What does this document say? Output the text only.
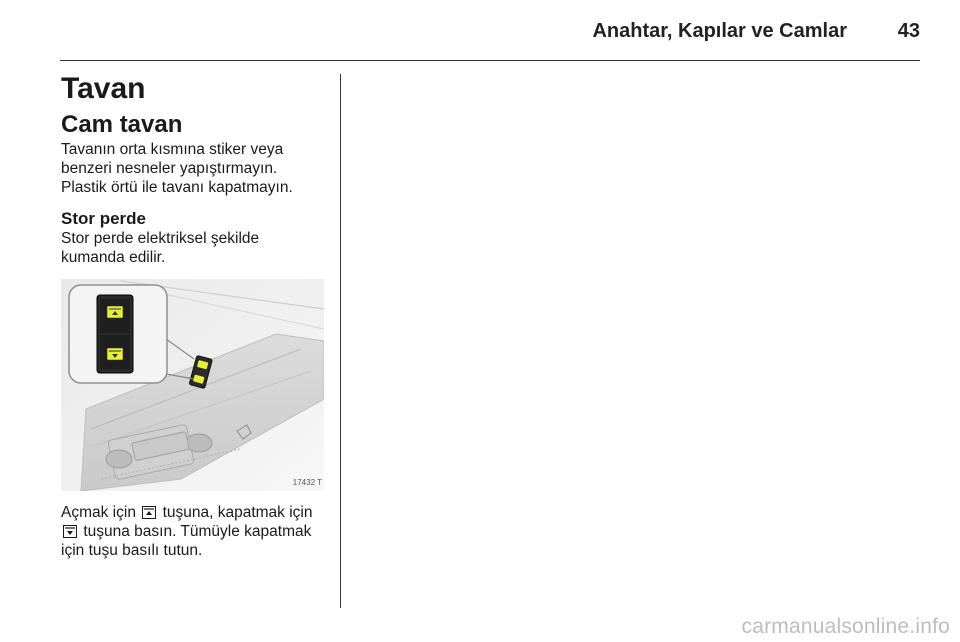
Anahtar, Kapılar ve Camlar	43
Tavan
Cam tavan

Tavanın orta kısmına stiker veya
benzeri nesneler yapıştırmayın.
Plastik örtü ile tavanı kapatmayın.

Stor perde

Stor perde elektriksel şekilde
kumanda edilir.

17432 T

Açmak için tuşuna, kapatmak için
tuşuna basın. Tümüyle kapatmak
için tuşu basılı tutun.

carmanualsonline.info
